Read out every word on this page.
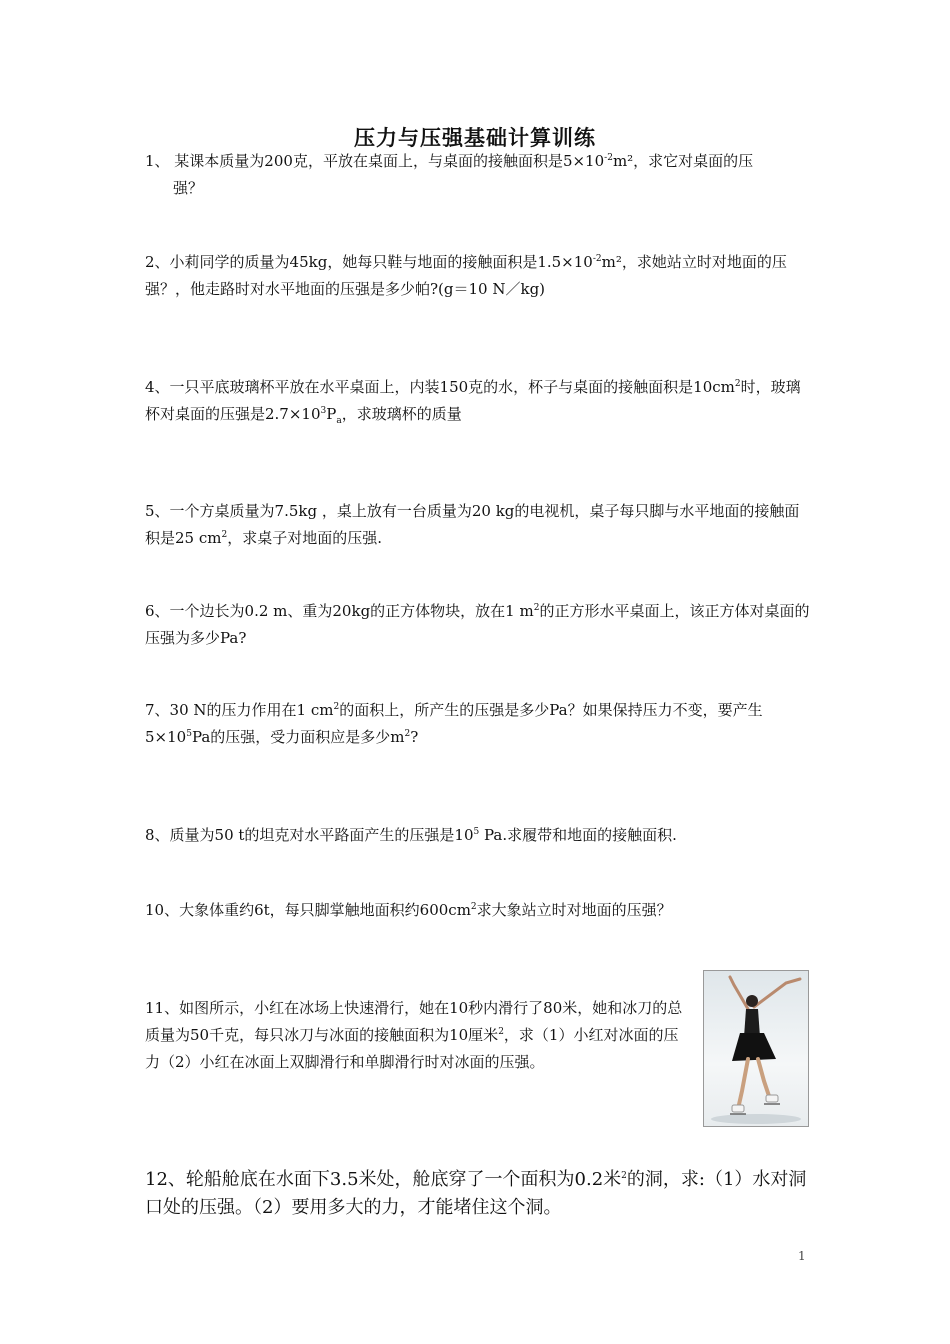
压力与压强基础计算训练
1、 某课本质量为200克，平放在桌面上，与桌面的接触面积是$5\times 10^{-2}m^2$，求它对桌面的压
强？
2、小莉同学的质量为45kg，她每只鞋与地面的接触面积是$1.5\times 10^{-2}m^2$，求她站立时对地面的压强？，他走路时对水平地面的压强是多少帕?(g＝10 N／kg)
4、一只平底玻璃杯平放在水平桌面上，内装150克的水，杯子与桌面的接触面积是$10cm^2$时，玻璃杯对桌面的压强是$2.7\times 10^3P_a$，求玻璃杯的质量
5、一个方桌质量为7.5kg ，桌上放有一台质量为20 kg的电视机，桌子每只脚与水平地面的接触面积是25 $cm^2$，求桌子对地面的压强.
6、一个边长为0.2 m、重为20kg的正方体物块，放在1 $m^2$的正方形水平桌面上，该正方体对桌面的压强为多少Pa?
7、30 N的压力作用在1 $cm^2$的面积上，所产生的压强是多少Pa？如果保持压力不变，要产生$5\times 10^5Pa$的压强，受力面积应是多少$m^2$?
8、质量为50 t的坦克对水平路面产生的压强是$10^5$ Pa.求履带和地面的接触面积.
10、大象体重约6t，每只脚掌触地面积约$600cm^2$求大象站立时对地面的压强？
11、如图所示，小红在冰场上快速滑行，她在10秒内滑行了80米，她和冰刀的总质量为50千克，每只冰刀与冰面的接触面积为10厘米$^2$，求（1）小红对冰面的压力（2）小红在冰面上双脚滑行和单脚滑行时对冰面的压强。
12、轮船舱底在水面下3.5米处，舱底穿了一个面积为0.2米$^2$的洞，求:（1）水对洞口处的压强。（2）要用多大的力，才能堵住这个洞。
1
